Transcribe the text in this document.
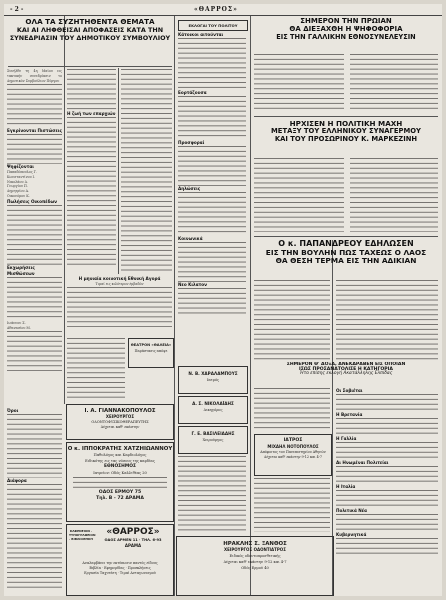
- 2 -	«ΘΑΡΡΟΣ»
ΟΛΑ ΤΑ ΣΥΖΗΤΗΘΕΝΤΑ ΘΕΜΑΤΑ
ΚΑΙ ΑΙ ΛΗΦΘΕΙΣΑΙ ΑΠΟΦΑΣΕΙΣ ΚΑΤΑ ΤΗΝ
ΣΥΝΕΔΡΙΑΣΙΝ ΤΟΥ ΔΗΜΟΤΙΚΟΥ ΣΥΜΒΟΥΛΙΟΥ
Συνήλθε τη 4η Μαΐου εις τακτικήν συνεδρίασιν το Δημοτικόν Συμβούλιον Πύργου
Εγκρίνονται Πιστώσεις
Ψηφίζονται
Παπαδόπουλος Γ.
Κωνσταντίνου Ι.
Νικολάου Δ.
Γεωργίου Π.
Δημητρίου Α.
Οικονόμου Κ.
Πωλήσεις Οικοπέδων
Εκχωρήσεις Μισθώσεων
Ιωάννου Σ.
Αθανασίου Μ.
Όροι
Διάφορα
Η ζωή των επαρχιών
Η μηνιαία κοινοτική Εθνική Αγορά
Τιμαί εις κιλότερον έμβαδόν
ΘΕΑΤΡΟΝ «ΘΑΛΕΙΑ»
Παράστασις απόψε
Ι. Α. ΓΙΑΝΝΑΚΟΠΟΥΛΟΣ
ΧΕΙΡΟΥΡΓΟΣ
ΟΔΟΝΤΟΦΥΣΙΚΟΘΕΡΑΠΕΥΤΗΣ
Δέχεται καθ' εκάστην
Ο κ. ΙΠΠΟΚΡΑΤΗΣ ΧΑΤΖΗΙΩΑΝΝΟΥ
Παθολόγος και Καρδιολόγος
Ειδικότης εις τας νόσους της καρδίας
ΕΘΝΟΣΗΜΟΣ
Ιατρείον: Οδός Καλλιθέας 20
ΟΔΟΣ ΕΡΜΟΥ 75
Τηλ. Β - 72 ΔΡΑΜΑ
ΚΑΦΕΝΕΙΟΝ · ΤΥΠΟΓΡΑΦΕΙΟΝ · ΒΙΒΛΙΟΘΗΚΗ
«ΘΑΡΡΟΣ»
ΟΔΟΣ ΑΡΜΕΝ 11 · ΤΗΛ. 6-93
ΔΡΑΜΑ
Αναλαμβάνει την εκτύπωσιν παντός είδους
Βιβλία · Εφημερίδας · Προσκλήσεις
Εργασία Ταχυτάτη · Τιμαί Ανταγωνισμού
ΕΚΛΟΓΑΙ ΤΟΥ ΠΟΛΙΤΟΥ
Κάτοικοι αιτούνται
Εορτάζουσα
Προσφοραί
Δηλώσεις
Κοινωνικά
Νεο Κιλατον
Ν. Β. ΧΑΡΑΛΑΜΠΟΥΣ
Ιατρός
Α. Σ. ΝΙΚΟΛΑΪΔΗΣ
Δικηγόρος
Γ. Ε. ΒΑΣΙΛΕΙΑΔΗΣ
Χειρούργος
ΗΡΑΚΛΗΣ Σ. ΞΑΝΘΟΣ
ΧΕΙΡΟΥΡΓΟΣ ΟΔΟΝΤΙΑΤΡΟΣ
Ειδικός οδοντοπροσθετικής
Δέχεται καθ' εκάστην 9-12 και 4-7
Οδός Ερμού 40
ΣΗΜΕΡΟΝ ΤΗΝ ΠΡΩΪΑΝ
ΘΑ ΔΙΕΞΑΧΘΗ Η ΨΗΦΟΦΟΡΙΑ
ΕΙΣ ΤΗΝ ΓΑΛΛΙΚΗΝ ΕΘΝΟΣΥΝΕΛΕΥΣΙΝ
ΗΡΧΙΣΕΝ Η ΠΟΛΙΤΙΚΗ ΜΑΧΗ
ΜΕΤΑΞΥ ΤΟΥ ΕΛΛΗΝΙΚΟΥ ΣΥΝΑΓΕΡΜΟΥ
ΚΑΙ ΤΟΥ ΠΡΟΣΩΡΙΝΟΥ Κ. ΜΑΡΚΕΖΙΝΗ
Ο κ. ΠΑΠΑΝΔΡΕΟΥ ΕΔΗΛΩΣΕΝ
ΕΙΣ ΤΗΝ ΒΟΥΛΗΝ ΠΩΣ ΤΑΧΕΩΣ Ο ΛΑΟΣ
ΘΑ ΘΕΣΗ ΤΕΡΜΑ ΕΙΣ ΤΗΝ ΑΔΙΚΙΑΝ
ΣΗΜΕΡΟΝ Θ' ΔΟΞΑ, ΑΝΕΚΔΡΑΒΕΝ ΕΙΣ ΟΠΟΙΑΝ
ΙΣΩΣ ΠΡΟΣΑΝΑΤΟΛΙΣΕ Η ΚΑΤΗΓΟΡΙΑ
Ήτο επίσης εκλογή Ακατάλληλης Ελπίδας
ΙΑΤΡΟΣ
ΜΙΧΑΗΛ ΝΟΤΟΠΟΥΛΟΣ
Απόφοιτος του Πανεπιστημίου Αθηνών
Δέχεται καθ' εκάστην 9-12 και 4-7
Οι Σοβιέται
Η Βρετανία
Η Γαλλία
Αι Ηνωμέναι Πολιτείαι
Η Ιταλία
Πολιτικά Νέα
Κυβερνητικά
